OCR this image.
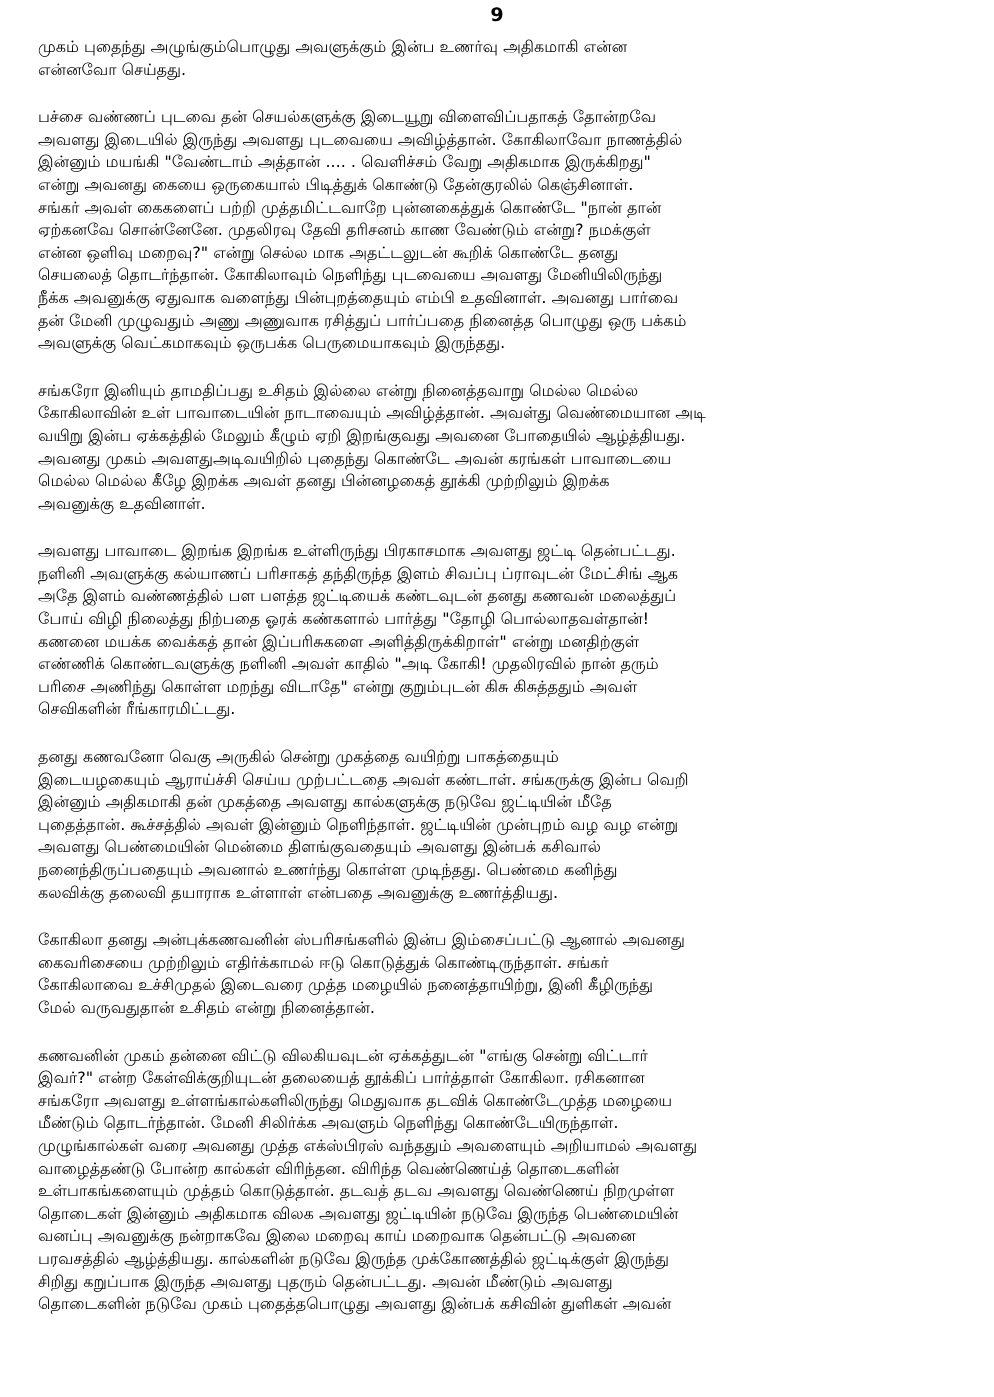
9
முகம் புதைந்து அழுங்கும்பொழுது அவளுக்கும் இன்ப உணர்வு அதிகமாகி என்ன
என்னவோ செய்தது.
பச்சை வண்ணப் புடவை தன் செயல்களுக்கு இடையூறு விளைவிப்பதாகத் தோன்றவே
அவளது இடையில் இருந்து அவளது புடவையை அவிழ்த்தான். கோகிலாவோ நாணத்தில்
இன்னும் மயங்கி "வேண்டாம் அத்தான் .... . வெளிச்சம் வேறு அதிகமாக இருக்கிறது"
என்று அவனது கையை ஒருகையால் பிடித்துக் கொண்டு தேன்குரலில் கெஞ்சினாள்.
சங்கர் அவள் கைகளைப் பற்றி முத்தமிட்டவாறே புன்னகைத்துக் கொண்டே "நான் தான்
ஏற்கனவே சொன்னேனே. முதலிரவு தேவி தரிசனம் காண வேண்டும் என்று? நமக்குள்
என்ன ஒளிவு மறைவு?" என்று செல்ல மாக அதட்டலுடன் கூறிக் கொண்டே தனது
செயலைத் தொடர்ந்தான். கோகிலாவும் நெளிந்து புடவையை அவளது மேனியிலிருந்து
நீக்க அவனுக்கு ஏதுவாக வளைந்து பின்புறத்தையும் எம்பி உதவினாள். அவனது பார்வை
தன் மேனி முழுவதும் அணு அணுவாக ரசித்துப் பார்ப்பதை நினைத்த பொழுது ஒரு பக்கம்
அவளுக்கு வெட்கமாகவும் ஒருபக்க பெருமையாகவும் இருந்தது.
சங்கரோ இனியும் தாமதிப்பது உசிதம் இல்லை என்று நினைத்தவாறு மெல்ல மெல்ல
கோகிலாவின் உள் பாவாடையின் நாடாவையும் அவிழ்த்தான். அவள்து வெண்மையான அடி
வயிறு இன்ப ஏக்கத்தில் மேலும் கீழும் ஏறி இறங்குவது அவனை போதையில் ஆழ்த்தியது.
அவனது முகம் அவளதுஅடிவயிறில் புதைந்து கொண்டே அவன் கரங்கள் பாவாடையை
மெல்ல மெல்ல கீழே இறக்க அவள் தனது பின்னழகைத் தூக்கி முற்றிலும் இறக்க
அவனுக்கு உதவினாள்.
அவளது பாவாடை இறங்க இறங்க உள்ளிருந்து பிரகாசமாக அவளது ஜட்டி தென்பட்டது.
நளினி அவளுக்கு கல்யாணப் பரிசாகத் தந்திருந்த இளம் சிவப்பு ப்ராவுடன் மேட்சிங் ஆக
அதே இளம் வண்ணத்தில் பள பளத்த ஜட்டியைக் கண்டவுடன் தனது கணவன் மலைத்துப்
போய் விழி நிலைத்து நிற்பதை ஓரக் கண்களால் பார்த்து "தோழி பொல்லாதவள்தான்!
கணனை மயக்க வைக்கத் தான் இப்பரிசுகளை அளித்திருக்கிறாள்" என்று மனதிற்குள்
எண்ணிக் கொண்டவளுக்கு நளினி அவள் காதில் "அடி கோகி! முதலிரவில் நான் தரும்
பரிசை அணிந்து கொள்ள மறந்து விடாதே" என்று குறும்புடன் கிசு கிசுத்ததும் அவள்
செவிகளின் ரீங்காரமிட்டது.
தனது கணவனோ வெகு அருகில் சென்று முகத்தை வயிற்று பாகத்தையும்
இடையழகையும் ஆராய்ச்சி செய்ய முற்பட்டதை அவள் கண்டாள். சங்கருக்கு இன்ப வெறி
இன்னும் அதிகமாகி தன் முகத்தை அவளது கால்களுக்கு நடுவே ஜட்டியின் மீதே
புதைத்தான். கூச்சத்தில் அவள் இன்னும் நெளிந்தாள். ஜட்டியின் முன்புறம் வழ வழ என்று
அவளது பெண்மையின் மென்மை திளங்குவதையும் அவளது இன்பக் கசிவால்
நனைந்திருப்பதையும் அவனால் உணர்ந்து கொள்ள முடிந்தது. பெண்மை கனிந்து
கலவிக்கு தலைவி தயாராக உள்ளாள் என்பதை அவனுக்கு உணர்த்தியது.
கோகிலா தனது அன்புக்கணவனின் ஸ்பரிசங்களில் இன்ப இம்சைப்பட்டு ஆனால் அவனது
கைவரிசையை முற்றிலும் எதிர்க்காமல் ஈடு கொடுத்துக் கொண்டிருந்தாள். சங்கர்
கோகிலாவை உச்சிமுதல் இடைவரை முத்த மழையில் நனைத்தாயிற்று, இனி கீழிருந்து
மேல் வருவதுதான் உசிதம் என்று நினைத்தான்.
கணவனின் முகம் தன்னை விட்டு விலகியவுடன் ஏக்கத்துடன் "எங்கு சென்று விட்டார்
இவர்?" என்ற கேள்விக்குறியுடன் தலையைத் தூக்கிப் பார்த்தாள் கோகிலா. ரசிகனான
சங்கரோ அவளது உள்ளங்கால்களிலிருந்து மெதுவாக தடவிக் கொண்டேமுத்த மழையை
மீண்டும் தொடர்ந்தான். மேனி சிலிர்க்க அவளும் நெளிந்து கொண்டேயிருந்தாள்.
முழுங்கால்கள் வரை அவனது முத்த எக்ஸ்பிரஸ் வந்ததும் அவளையும் அறியாமல் அவளது
வாழைத்தண்டு போன்ற கால்கள் விரிந்தன. விரிந்த வெண்ணெய்த் தொடைகளின்
உள்பாகங்களையும் முத்தம் கொடுத்தான். தடவத் தடவ அவளது வெண்ணெய் நிறமுள்ள
தொடைகள் இன்னும் அதிகமாக விலக அவளது ஜட்டியின் நடுவே இருந்த பெண்மையின்
வனப்பு அவனுக்கு நன்றாகவே இலை மறைவு காய் மறைவாக தென்பட்டு அவனை
பரவசத்தில் ஆழ்த்தியது. கால்களின் நடுவே இருந்த முக்கோணத்தில் ஜட்டிக்குள் இருந்து
சிறிது கறுப்பாக இருந்த அவளது புதரும் தென்பட்டது. அவன் மீண்டும் அவளது
தொடைகளின் நடுவே முகம் புதைத்தபொழுது அவளது இன்பக் கசிவின் துளிகள் அவன்
